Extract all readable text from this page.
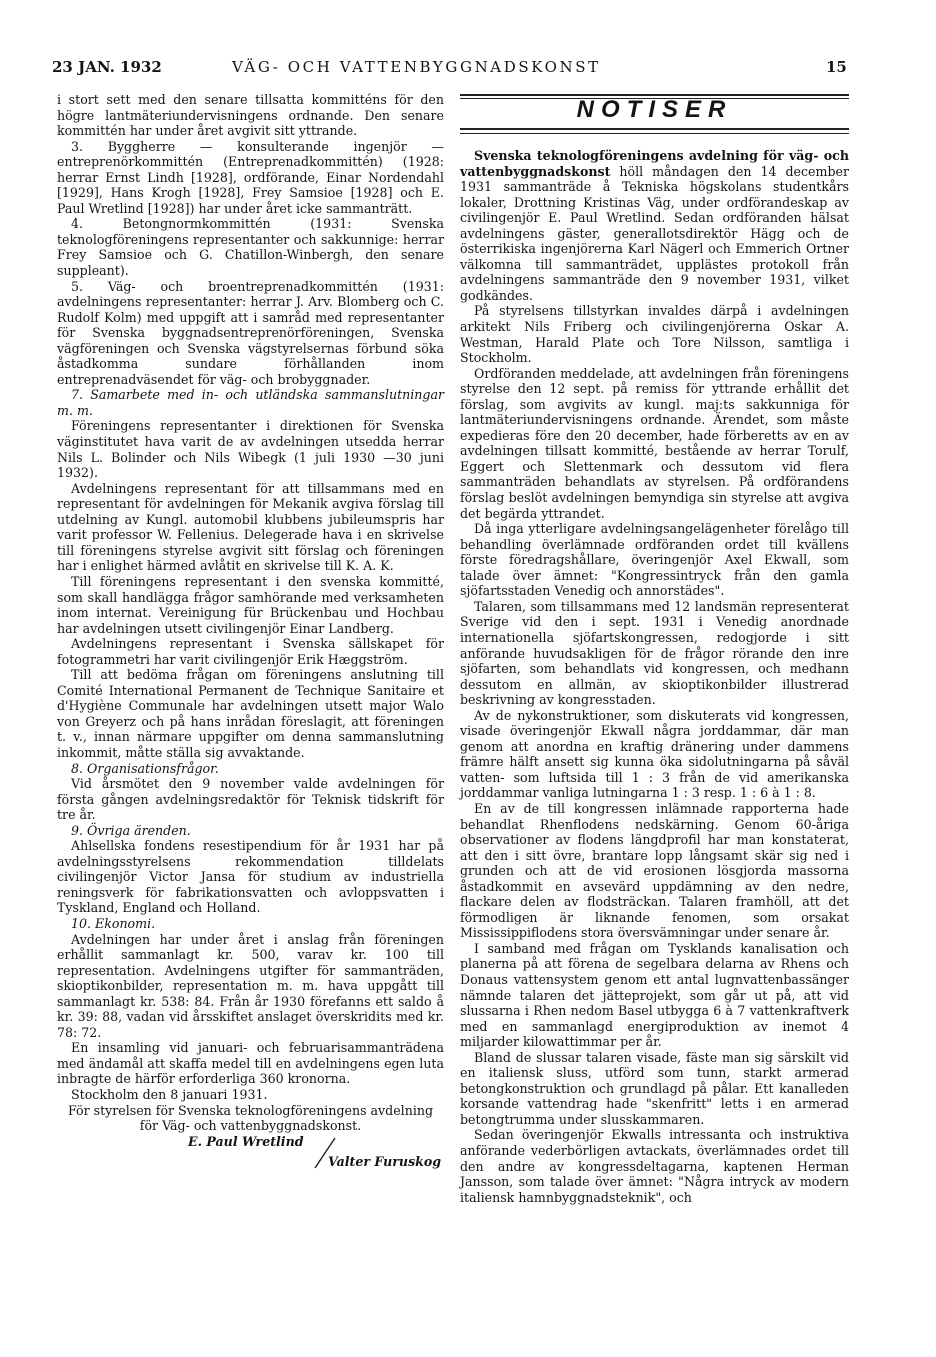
23 JAN. 1932	VÄG- OCH VATTENBYGGNADSKONST	15

i stort sett med den senare tillsatta kommitténs för den högre lantmäteriundervisningens ordnande. Den senare kommittén har under året avgivit sitt yttrande.

3. Byggherre — konsulterande ingenjör — entreprenörkommittén (Entreprenadkommittén) (1928: herrar Ernst Lindh [1928], ordförande, Einar Nordendahl [1929], Hans Krogh [1928], Frey Samsioe [1928] och E. Paul Wretlind [1928]) har under året icke sammanträtt.

4. Betongnormkommittén (1931: Svenska teknologföreningens representanter och sakkunnige: herrar Frey Samsioe och G. Chatillon-Winbergh, den senare suppleant).

5. Väg- och broentreprenadkommittén (1931: avdelningens representanter: herrar J. Arv. Blomberg och C. Rudolf Kolm) med uppgift att i samråd med representanter för Svenska byggnadsentreprenörföreningen, Svenska vägföreningen och Svenska vägstyrelsernas förbund söka åstadkomma sundare förhållanden inom entreprenadväsendet för väg- och brobyggnader.

7. Samarbete med in- och utländska sammanslutningar m. m.

Föreningens representanter i direktionen för Svenska väginstitutet hava varit de av avdelningen utsedda herrar Nils L. Bolinder och Nils Wibegk (1 juli 1930 —30 juni 1932).

Avdelningens representant för att tillsammans med en representant för avdelningen för Mekanik avgiva förslag till utdelning av Kungl. automobil klubbens jubileumspris har varit professor W. Fellenius. Delegerade hava i en skrivelse till föreningens styrelse avgivit sitt förslag och föreningen har i enlighet härmed avlåtit en skrivelse till K. A. K.

Till föreningens representant i den svenska kommitté, som skall handlägga frågor samhörande med verksamheten inom internat. Vereinigung für Brückenbau und Hochbau har avdelningen utsett civilingenjör Einar Landberg.

Avdelningens representant i Svenska sällskapet för fotogrammetri har varit civilingenjör Erik Hæggström.

Till att bedöma frågan om föreningens anslutning till Comité International Permanent de Technique Sanitaire et d'Hygiène Communale har avdelningen utsett major Walo von Greyerz och på hans inrådan föreslagit, att föreningen t. v., innan närmare uppgifter om denna sammanslutning inkommit, måtte ställa sig avvaktande.

8. Organisationsfrågor.

Vid årsmötet den 9 november valde avdelningen för första gången avdelningsredaktör för Teknisk tidskrift för tre år.

9. Övriga ärenden.

Ahlsellska fondens resestipendium för år 1931 har på avdelningsstyrelsens rekommendation tilldelats civilingenjör Victor Jansa för studium av industriella reningsverk för fabrikationsvatten och avloppsvatten i Tyskland, England och Holland.

10. Ekonomi.

Avdelningen har under året i anslag från föreningen erhållit sammanlagt kr. 500, varav kr. 100 till representation. Avdelningens utgifter för sammanträden, skioptikonbilder, representation m. m. hava uppgått till sammanlagt kr. 538: 84. Från år 1930 förefanns ett saldo å kr. 39: 88, vadan vid årsskiftet anslaget överskridits med kr. 78: 72.

En insamling vid januari- och februarisammanträdena med ändamål att skaffa medel till en avdelningens egen luta inbragte de härför erforderliga 360 kronorna.

Stockholm den 8 januari 1931.

För styrelsen för Svenska teknologföreningens avdelning för Väg- och vattenbyggnadskonst.

E. Paul Wretlind
Valter Furuskog
NOTISER

Svenska teknologföreningens avdelning för väg- och vattenbyggnadskonst höll måndagen den 14 december 1931 sammanträde å Tekniska högskolans studentkårs lokaler, Drottning Kristinas Väg, under ordförandeskap av civilingenjör E. Paul Wretlind. Sedan ordföranden hälsat avdelningens gäster, generallotsdirektör Hägg och de österrikiska ingenjörerna Karl Nägerl och Emmerich Ortner välkomna till sammanträdet, upplästes protokoll från avdelningens sammanträde den 9 november 1931, vilket godkändes.

På styrelsens tillstyrkan invaldes därpå i avdelningen arkitekt Nils Friberg och civilingenjörerna Oskar A. Westman, Harald Plate och Tore Nilsson, samtliga i Stockholm.

Ordföranden meddelade, att avdelningen från föreningens styrelse den 12 sept. på remiss för yttrande erhållit det förslag, som avgivits av kungl. maj:ts sakkunniga för lantmäteriundervisningens ordnande. Ärendet, som måste expedieras före den 20 december, hade förberetts av en av avdelningen tillsatt kommitté, bestående av herrar Torulf, Eggert och Slettenmark och dessutom vid flera sammanträden behandlats av styrelsen. På ordförandens förslag beslöt avdelningen bemyndiga sin styrelse att avgiva det begärda yttrandet.

Då inga ytterligare avdelningsangelägenheter förelågo till behandling överlämnade ordföranden ordet till kvällens förste föredragshållare, överingenjör Axel Ekwall, som talade över ämnet: "Kongressintryck från den gamla sjöfartsstaden Venedig och annorstädes".

Talaren, som tillsammans med 12 landsmän representerat Sverige vid den i sept. 1931 i Venedig anordnade internationella sjöfartskongressen, redogjorde i sitt anförande huvudsakligen för de frågor rörande den inre sjöfarten, som behandlats vid kongressen, och medhann dessutom en allmän, av skioptikonbilder illustrerad beskrivning av kongresstaden.

Av de nykonstruktioner, som diskuterats vid kongressen, visade överingenjör Ekwall några jorddammar, där man genom att anordna en kraftig dränering under dammens främre hälft ansett sig kunna öka sidolutningarna på såväl vatten- som luftsida till 1 : 3 från de vid amerikanska jorddammar vanliga lutningarna 1 : 3 resp. 1 : 6 à 1 : 8.

En av de till kongressen inlämnade rapporterna hade behandlat Rhenflodens nedskärning. Genom 60-åriga observationer av flodens längdprofil har man konstaterat, att den i sitt övre, brantare lopp långsamt skär sig ned i grunden och att de vid erosionen lösgjorda massorna åstadkommit en avsevärd uppdämning av den nedre, flackare delen av flodsträckan. Talaren framhöll, att det förmodligen är liknande fenomen, som orsakat Mississippiflodens stora översvämningar under senare år.

I samband med frågan om Tysklands kanalisation och planerna på att förena de segelbara delarna av Rhens och Donaus vattensystem genom ett antal lugnvattenbassänger nämnde talaren det jätteprojekt, som går ut på, att vid slussarna i Rhen nedom Basel utbygga 6 à 7 vattenkraftverk med en sammanlagd energiproduktion av inemot 4 miljarder kilowattimmar per år.

Bland de slussar talaren visade, fäste man sig särskilt vid en italiensk sluss, utförd som tunn, starkt armerad betongkonstruktion och grundlagd på pålar. Ett kanalleden korsande vattendrag hade "skenfritt" letts i en armerad betongtrumma under slusskammaren.

Sedan överingenjör Ekwalls intressanta och instruktiva anförande vederbörligen avtackats, överlämnades ordet till den andre av kongressdeltagarna, kaptenen Herman Jansson, som talade över ämnet: "Några intryck av modern italiensk hamnbyggnadsteknik", och
